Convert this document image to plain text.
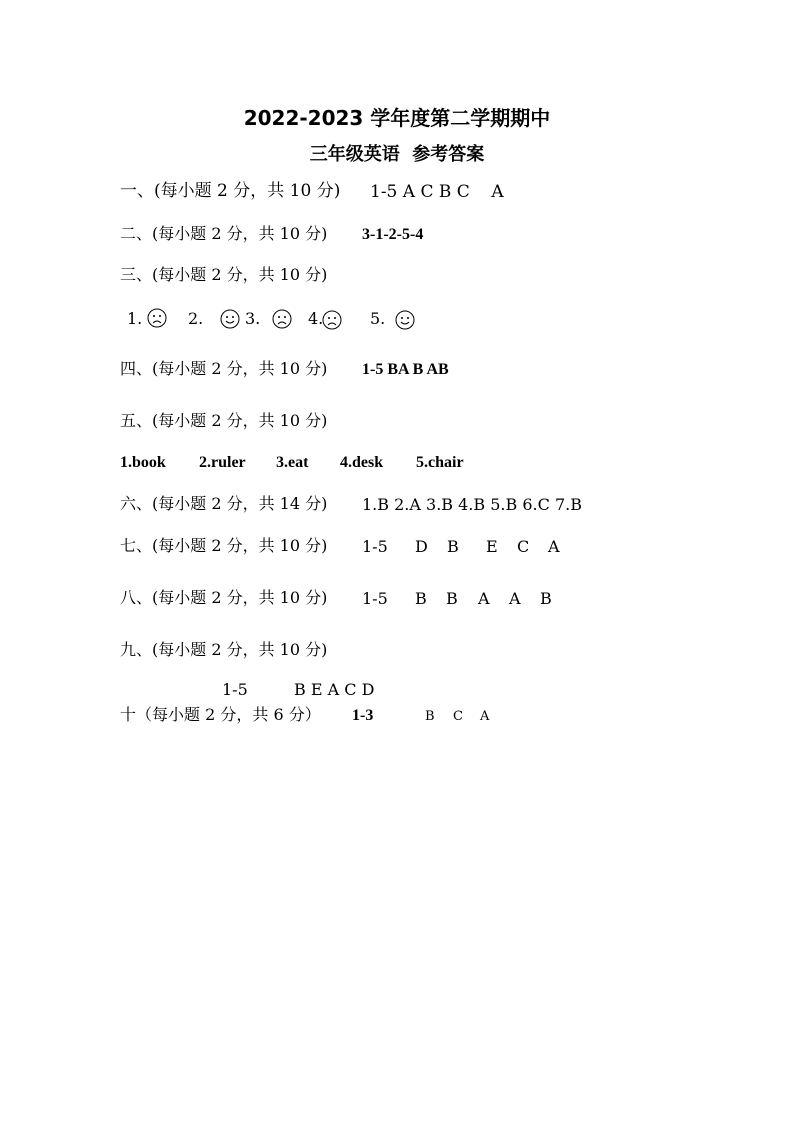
2022-2023 学年度第二学期期中
三年级英语  参考答案
一、(每小题 2 分，共 10 分) 1-5 A C B C    A
二、(每小题 2 分，共 10 分) 3-1-2-5-4
三、(每小题 2 分，共 10 分)
1.	2.	3.	4.	5.
四、(每小题 2 分，共 10 分) 1-5 BA B AB
五、(每小题 2 分，共 10 分)
1.book 2.ruler 3.eat 4.desk 5.chair
六、(每小题 2 分，共 14 分) 1.B 2.A 3.B 4.B 5.B 6.C 7.B
七、(每小题 2 分，共 10 分) 1-5 D B E C A
八、(每小题 2 分，共 10 分) 1-5 B B A A B
九、(每小题 2 分，共 10 分)
1-5	B E A C D
十（每小题 2 分，共 6 分） 1-3	B C A
